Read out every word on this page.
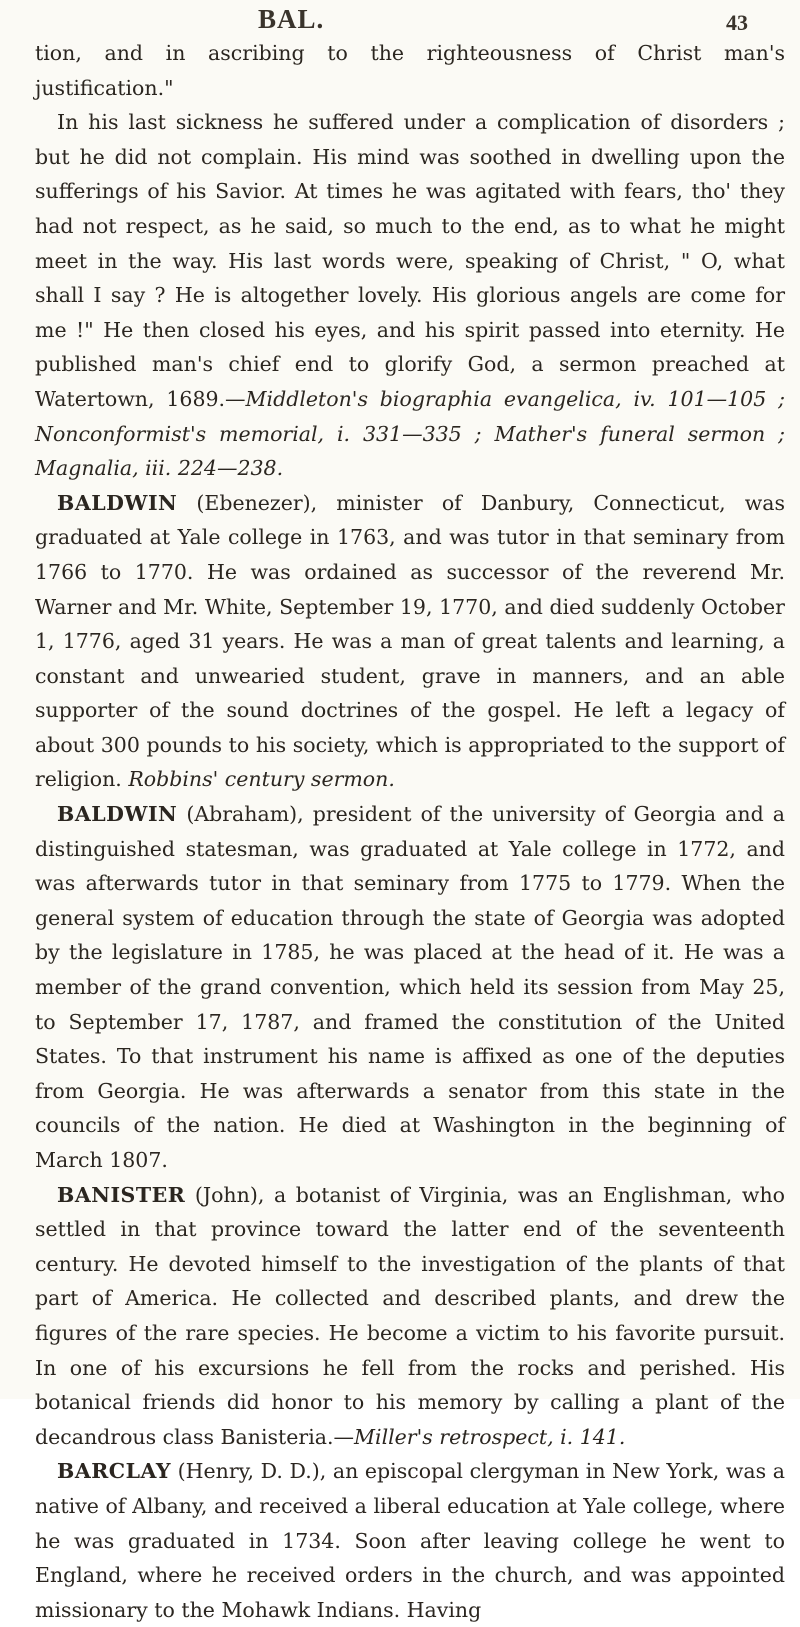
BAL.	43

tion, and in ascribing to the righteousness of Christ man's justification."

In his last sickness he suffered under a complication of disorders ; but he did not complain. His mind was soothed in dwelling upon the sufferings of his Savior. At times he was agitated with fears, tho' they had not respect, as he said, so much to the end, as to what he might meet in the way. His last words were, speaking of Christ, " O, what shall I say ? He is altogether lovely. His glorious angels are come for me !" He then closed his eyes, and his spirit passed into eternity. He published man's chief end to glorify God, a sermon preached at Watertown, 1689.—Middleton's biographia evangelica, iv. 101—105 ; Nonconformist's memorial, i. 331—335 ; Mather's funeral sermon ; Magnalia, iii. 224—238.

BALDWIN (Ebenezer), minister of Danbury, Connecticut, was graduated at Yale college in 1763, and was tutor in that seminary from 1766 to 1770. He was ordained as successor of the reverend Mr. Warner and Mr. White, September 19, 1770, and died suddenly October 1, 1776, aged 31 years. He was a man of great talents and learning, a constant and unwearied student, grave in manners, and an able supporter of the sound doctrines of the gospel. He left a legacy of about 300 pounds to his society, which is appropriated to the support of religion. Robbins' century sermon.

BALDWIN (Abraham), president of the university of Georgia and a distinguished statesman, was graduated at Yale college in 1772, and was afterwards tutor in that seminary from 1775 to 1779. When the general system of education through the state of Georgia was adopted by the legislature in 1785, he was placed at the head of it. He was a member of the grand convention, which held its session from May 25, to September 17, 1787, and framed the constitution of the United States. To that instrument his name is affixed as one of the deputies from Georgia. He was afterwards a senator from this state in the councils of the nation. He died at Washington in the beginning of March 1807.

BANISTER (John), a botanist of Virginia, was an Englishman, who settled in that province toward the latter end of the seventeenth century. He devoted himself to the investigation of the plants of that part of America. He collected and described plants, and drew the figures of the rare species. He become a victim to his favorite pursuit. In one of his excursions he fell from the rocks and perished. His botanical friends did honor to his memory by calling a plant of the decandrous class Banisteria.—Miller's retrospect, i. 141.

BARCLAY (Henry, D. D.), an episcopal clergyman in New York, was a native of Albany, and received a liberal education at Yale college, where he was graduated in 1734. Soon after leaving college he went to England, where he received orders in the church, and was appointed missionary to the Mohawk Indians. Having
